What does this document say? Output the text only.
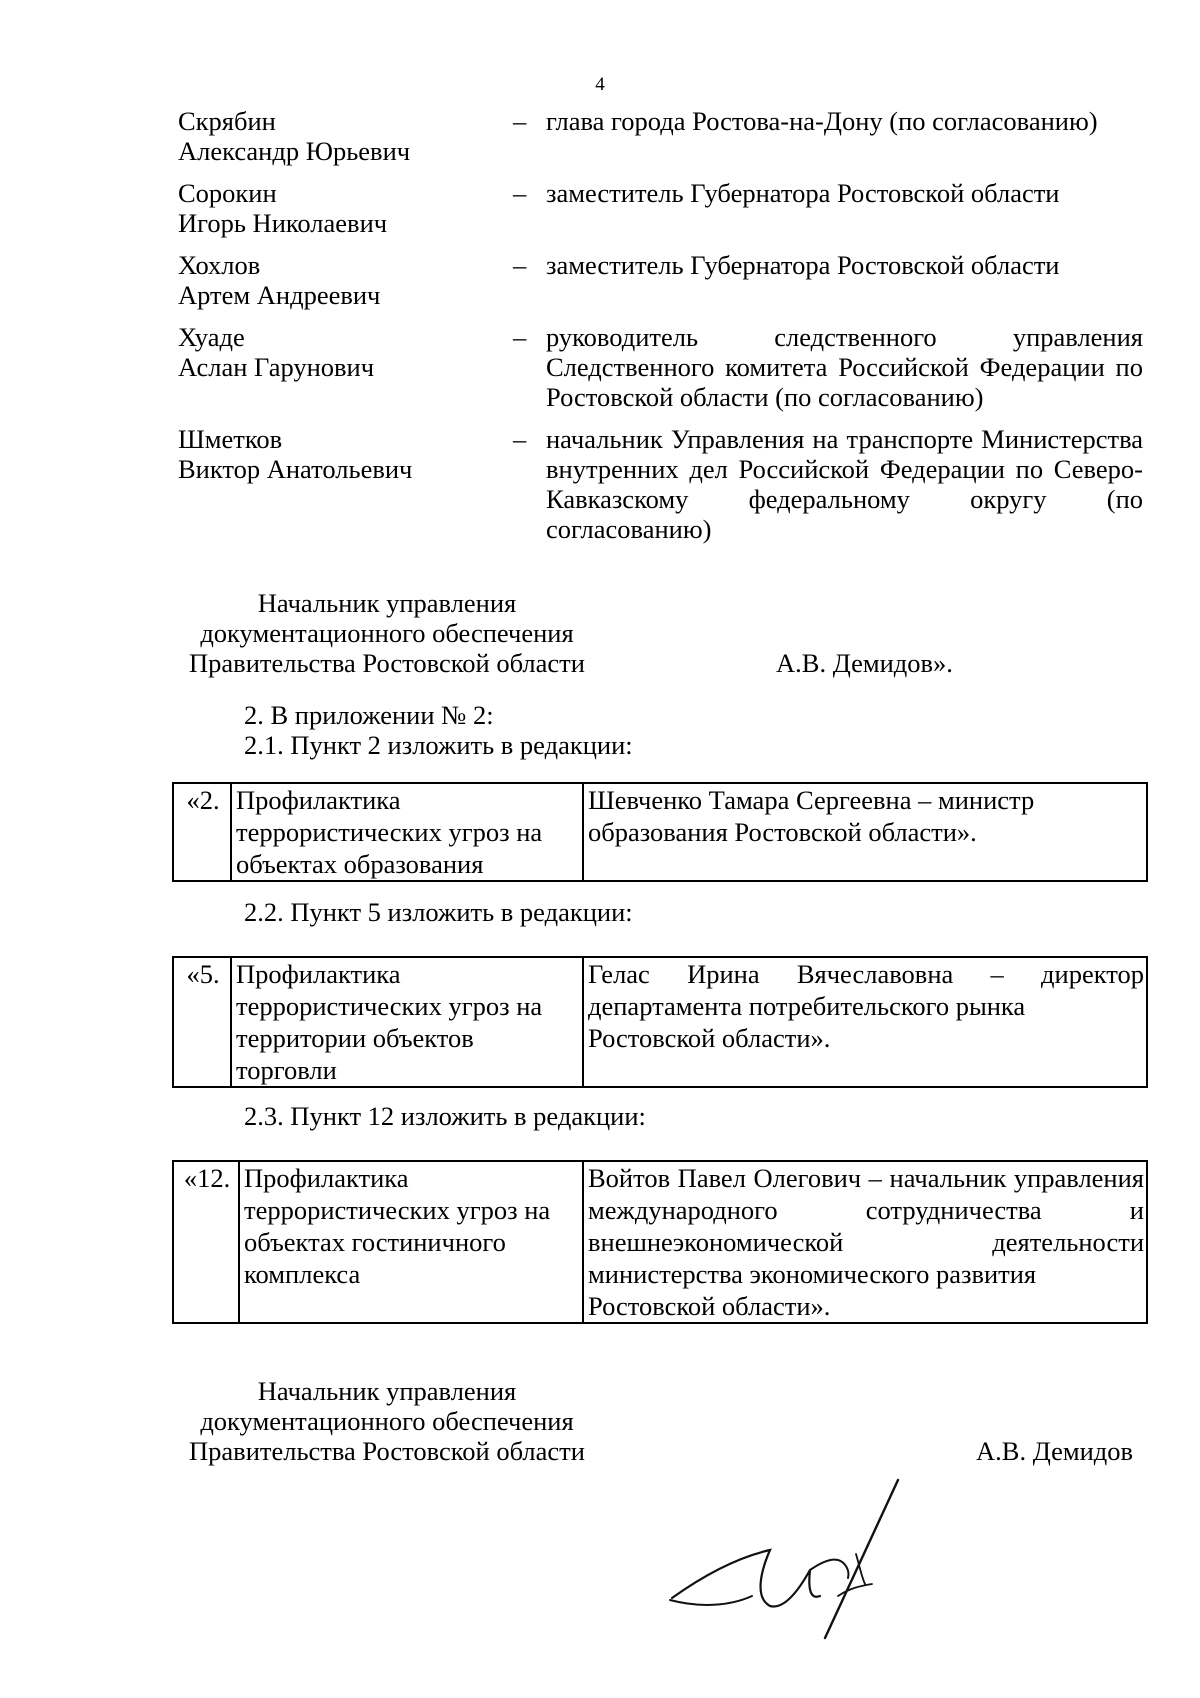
4
Скрябин
Александр Юрьевич
– глава города Ростова-на-Дону (по согласованию)
Сорокин
Игорь Николаевич
– заместитель Губернатора Ростовской области
Хохлов
Артем Андреевич
– заместитель Губернатора Ростовской области
Хуаде
Аслан Гарунович
– руководитель следственного управления Следственного комитета Российской Федерации по Ростовской области (по согласованию)
Шметков
Виктор Анатольевич
– начальник Управления на транспорте Министерства внутренних дел Российской Федерации по Северо-Кавказскому федеральному округу (по согласованию)
Начальник управления
документационного обеспечения
Правительства Ростовской области	А.В. Демидов».
2. В приложении № 2:
2.1. Пункт 2 изложить в редакции:
«2.	Профилактика террористических угроз на объектах образования	Шевченко Тамара Сергеевна – министр
образования Ростовской области».
2.2. Пункт 5 изложить в редакции:
«5.	Профилактика террористических угроз на территории объектов торговли	Гелас Ирина Вячеславовна – директор департамента потребительского рынка
Ростовской области».
2.3. Пункт 12 изложить в редакции:
«12.	Профилактика террористических угроз на объектах гостиничного комплекса	Войтов Павел Олегович – начальник управления международного сотрудничества и внешнеэкономической деятельности министерства экономического развития
Ростовской области».
Начальник управления
документационного обеспечения
Правительства Ростовской области	А.В. Демидов
